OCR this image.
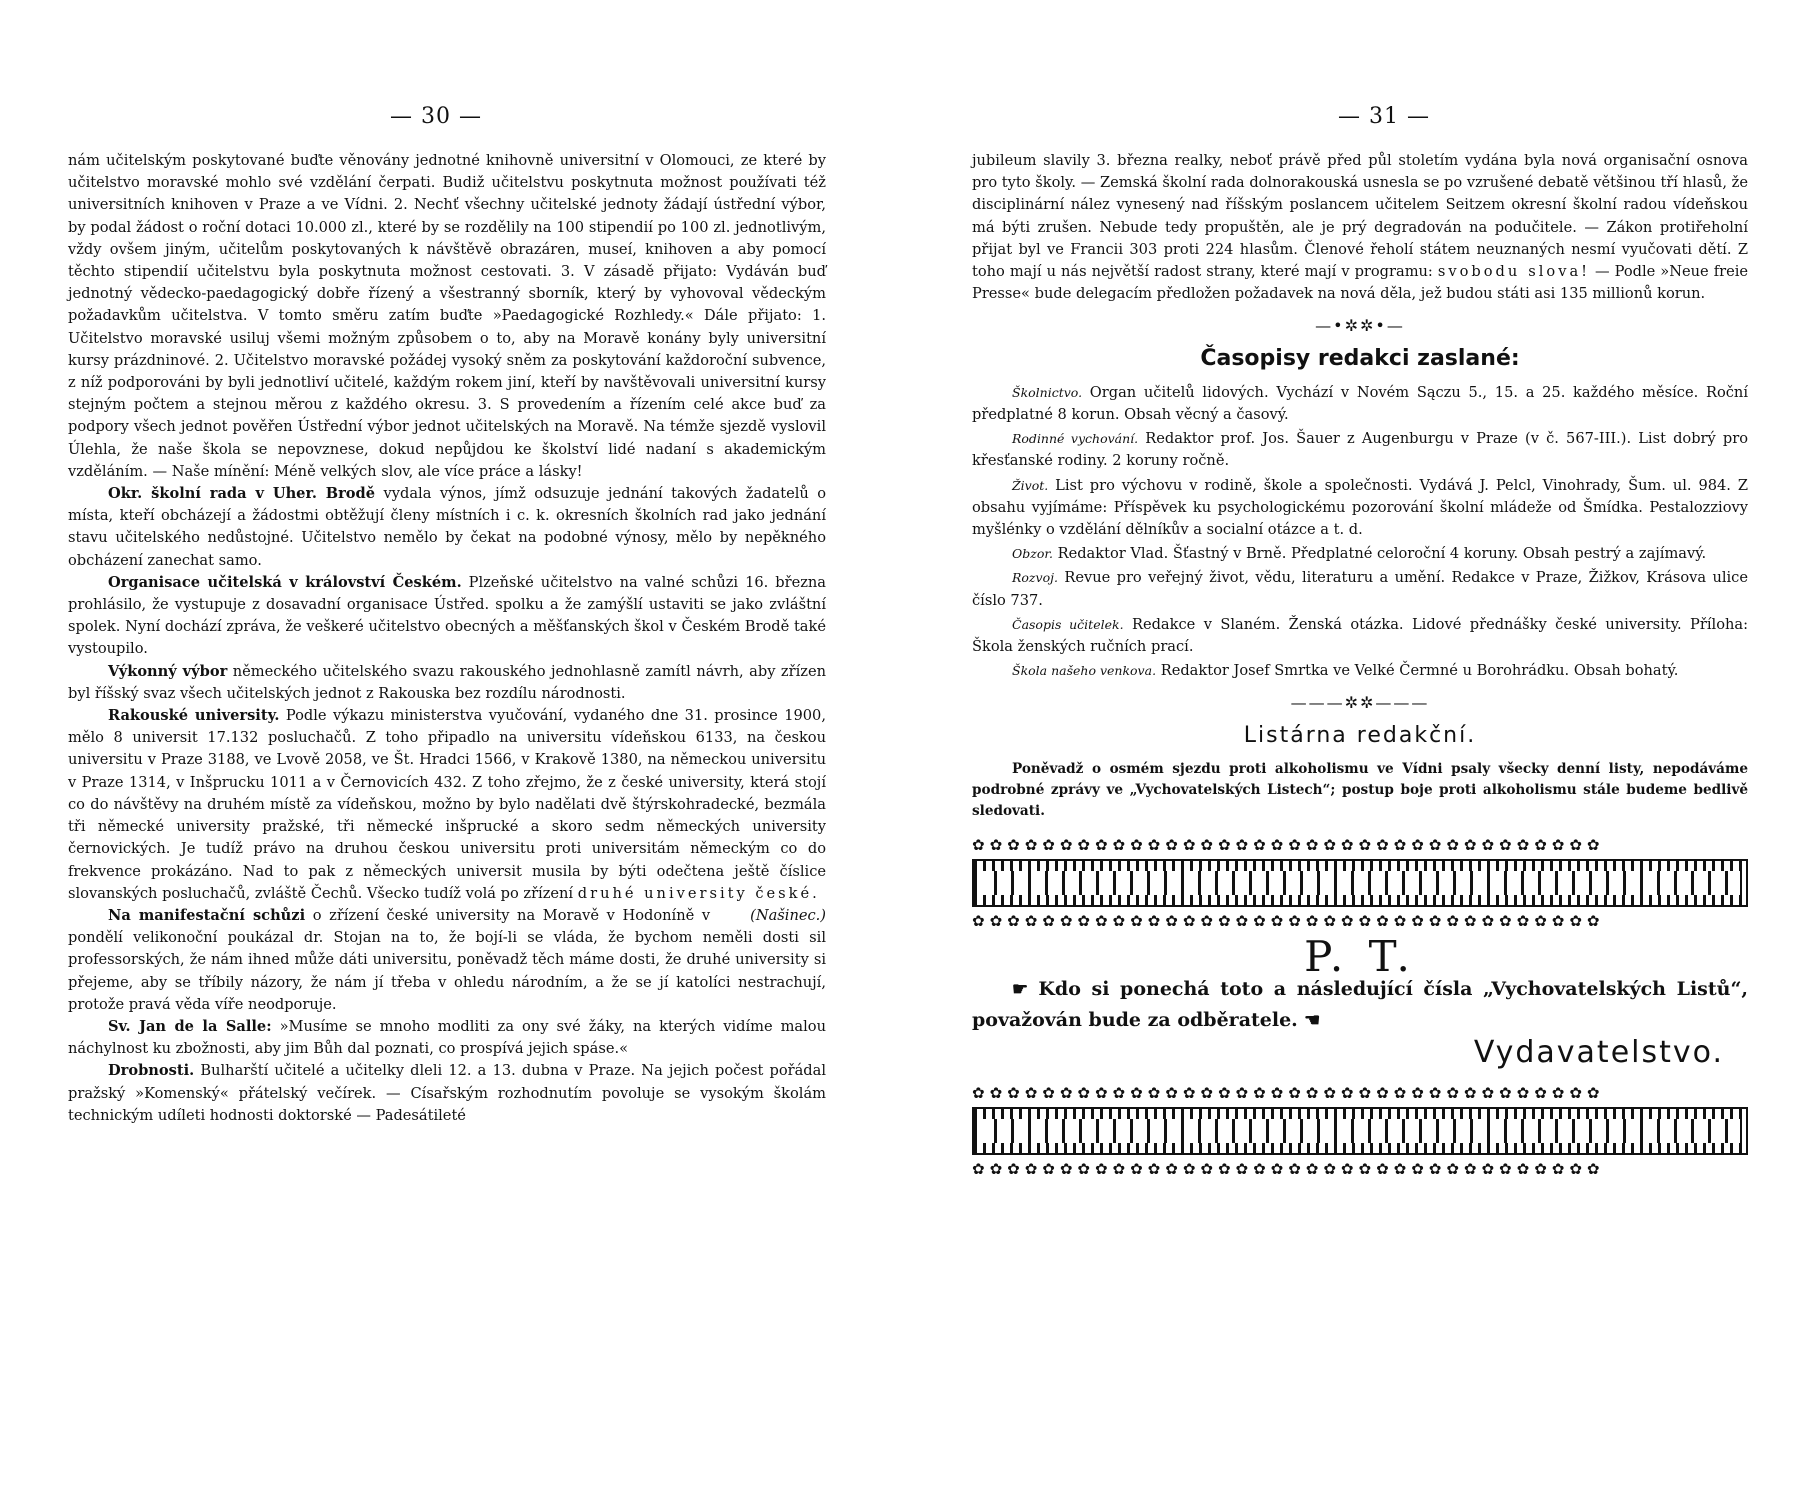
— 30 —

nám učitelským poskytované buďte věnovány jednotné knihovně universitní v Olomouci, ze které by učitelstvo moravské mohlo své vzdělání čerpati. Budiž učitelstvu poskytnuta možnost používati též universitních knihoven v Praze a ve Vídni. 2. Nechť všechny učitelské jednoty žádají ústřední výbor, by podal žádost o roční dotaci 10.000 zl., které by se rozdělily na 100 stipendií po 100 zl. jednotlivým, vždy ovšem jiným, učitelům poskytovaných k návštěvě obrazáren, museí, knihoven a aby pomocí těchto stipendií učitelstvu byla poskytnuta možnost cestovati. 3. V zásadě přijato: Vydáván buď jednotný vědecko-paedagogický dobře řízený a všestranný sborník, který by vyhovoval vědeckým požadavkům učitelstva. V tomto směru zatím buďte »Paedagogické Rozhledy.« Dále přijato: 1. Učitelstvo moravské usiluj všemi možným způsobem o to, aby na Moravě konány byly universitní kursy prázdninové. 2. Učitelstvo moravské požádej vysoký sněm za poskytování každoroční subvence, z níž podporováni by byli jednotliví učitelé, každým rokem jiní, kteří by navštěvovali universitní kursy stejným počtem a stejnou měrou z každého okresu. 3. S provedením a řízením celé akce buď za podpory všech jednot pověřen Ústřední výbor jednot učitelských na Moravě. Na témže sjezdě vyslovil Úlehla, že naše škola se nepovznese, dokud nepůjdou ke školství lidé nadaní s akademickým vzděláním. — Naše mínění: Méně velkých slov, ale více práce a lásky!

Okr. školní rada v Uher. Brodě vydala výnos, jímž odsuzuje jednání takových žadatelů o místa, kteří obcházejí a žádostmi obtěžují členy místních i c. k. okresních školních rad jako jednání stavu učitelského nedůstojné. Učitelstvo nemělo by čekat na podobné výnosy, mělo by nepěkného obcházení zanechat samo.

Organisace učitelská v království Českém. Plzeňské učitelstvo na valné schůzi 16. března prohlásilo, že vystupuje z dosavadní organisace Ústřed. spolku a že zamýšlí ustaviti se jako zvláštní spolek. Nyní dochází zpráva, že veškeré učitelstvo obecných a měšťanských škol v Českém Brodě také vystoupilo.

Výkonný výbor německého učitelského svazu rakouského jednohlasně zamítl návrh, aby zřízen byl říšský svaz všech učitelských jednot z Rakouska bez rozdílu národnosti.

Rakouské university. Podle výkazu ministerstva vyučování, vydaného dne 31. prosince 1900, mělo 8 universit 17.132 posluchačů. Z toho připadlo na universitu vídeňskou 6133, na českou universitu v Praze 3188, ve Lvově 2058, ve Št. Hradci 1566, v Krakově 1380, na německou universitu v Praze 1314, v Inšprucku 1011 a v Černovicích 432. Z toho zřejmo, že z české university, která stojí co do návštěvy na druhém místě za vídeňskou, možno by bylo nadělati dvě štýrskohradecké, bezmála tři německé university pražské, tři německé inšprucké a skoro sedm německých university černovických. Je tudíž právo na druhou českou universitu proti universitám německým co do frekvence prokázáno. Nad to pak z německých universit musila by býti odečtena ještě číslice slovanských posluchačů, zvláště Čechů. Všecko tudíž volá po zřízení druhé university české.
(Našinec.)

Na manifestační schůzi o zřízení české university na Moravě v Hodoníně v pondělí velikonoční poukázal dr. Stojan na to, že bojí-li se vláda, že bychom neměli dosti sil professorských, že nám ihned může dáti universitu, poněvadž těch máme dosti, že druhé university si přejeme, aby se tříbily názory, že nám jí třeba v ohledu národním, a že se jí katolíci nestrachují, protože pravá věda víře neodporuje.

Sv. Jan de la Salle: »Musíme se mnoho modliti za ony své žáky, na kterých vidíme malou náchylnost ku zbožnosti, aby jim Bůh dal poznati, co prospívá jejich spáse.«

Drobnosti. Bulharští učitelé a učitelky dleli 12. a 13. dubna v Praze. Na jejich počest pořádal pražský »Komenský« přátelský večírek. — Císařským rozhodnutím povoluje se vysokým školám technickým udíleti hodnosti doktorské — Padesátileté

— 31 —

jubileum slavily 3. března realky, neboť právě před půl stoletím vydána byla nová organisační osnova pro tyto školy. — Zemská školní rada dolnorakouská usnesla se po vzrušené debatě většinou tří hlasů, že disciplinární nález vynesený nad říšským poslancem učitelem Seitzem okresní školní radou vídeňskou má býti zrušen. Nebude tedy propuštěn, ale je prý degradován na podučitele. — Zákon protiřeholní přijat byl ve Francii 303 proti 224 hlasům. Členové řeholí státem neuznaných nesmí vyučovati dětí. Z toho mají u nás největší radost strany, které mají v programu: svobodu slova! — Podle »Neue freie Presse« bude delegacím předložen požadavek na nová děla, jež budou státi asi 135 millionů korun.

—•✲✲•—
Časopisy redakci zaslané:

Školnictvo. Organ učitelů lidových. Vychází v Novém Sączu 5., 15. a 25. každého měsíce. Roční předplatné 8 korun. Obsah věcný a časový.

Rodinné vychování. Redaktor prof. Jos. Šauer z Augenburgu v Praze (v č. 567-III.). List dobrý pro křesťanské rodiny. 2 koruny ročně.

Život. List pro výchovu v rodině, škole a společnosti. Vydává J. Pelcl, Vinohrady, Šum. ul. 984. Z obsahu vyjímáme: Příspěvek ku psychologickému pozorování školní mládeže od Šmídka. Pestalozziovy myšlénky o vzdělání dělníkův a socialní otázce a t. d.

Obzor. Redaktor Vlad. Šťastný v Brně. Předplatné celoroční 4 koruny. Obsah pestrý a zajímavý.

Rozvoj. Revue pro veřejný život, vědu, literaturu a umění. Redakce v Praze, Žižkov, Krásova ulice číslo 737.

Časopis učitelek. Redakce v Slaném. Ženská otázka. Lidové přednášky české university. Příloha: Škola ženských ručních prací.

Škola našeho venkova. Redaktor Josef Smrtka ve Velké Čermné u Borohrádku. Obsah bohatý.

———✲✲———
Listárna redakční.

Poněvadž o osmém sjezdu proti alkoholismu ve Vídni psaly všecky denní listy, nepodáváme podrobné zprávy ve „Vychovatelských Listech“; postup boje proti alkoholismu stále budeme bedlivě sledovati.

✿✿✿✿✿✿✿✿✿✿✿✿✿✿✿✿✿✿✿✿✿✿✿✿✿✿✿✿✿✿✿✿✿✿✿✿
✿✿✿✿✿✿✿✿✿✿✿✿✿✿✿✿✿✿✿✿✿✿✿✿✿✿✿✿✿✿✿✿✿✿✿✿
P. T.

☛ Kdo si ponechá toto a následující čísla „Vychovatelských Listů“, považován bude za odběratele. ☚

Vydavatelstvo.
✿✿✿✿✿✿✿✿✿✿✿✿✿✿✿✿✿✿✿✿✿✿✿✿✿✿✿✿✿✿✿✿✿✿✿✿
✿✿✿✿✿✿✿✿✿✿✿✿✿✿✿✿✿✿✿✿✿✿✿✿✿✿✿✿✿✿✿✿✿✿✿✿
